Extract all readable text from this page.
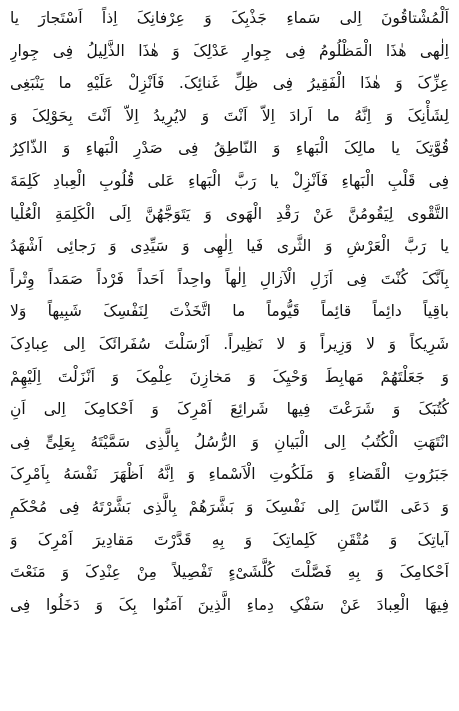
اَلْمُشْتاقُونَ اِلی سَماءِ جَذْبِکَ وَ عِرْفانِکَ اِذاً اَسْتَجارَ یا
اِلٰهی هٰذَا الْمَظْلُومُ فِی جِوارِ عَدْلِکَ وَ هٰذَا الذَّلِیلُ فِی جِوارِ
عِزِّکَ وَ هٰذَا الْفَقِیرُ فِی ظِلِّ غَنائِکَ. فَاَنْزِلْ عَلَیْهِ ما یَنْبَغِی
لِشَأْنِکَ وَ اِنَّهُ ما اَرادَ اِلاّ اَنْتَ وَ لایُرِیدُ اِلاّ اَنْتَ بِحَوْلِکَ وَ
قُوَّتِکَ یا مالِکَ الْبَهاءِ وَ النّاطِقُ فِی صَدْرِ الْبَهاءِ وَ الذّاکِرُ
فِی قَلْبِ الْبَهاءِ فَاَنْزِلْ یا رَبَّ الْبَهاءِ عَلی قُلُوبِ الْعِبادِ کَلِمَةَ
التَّقْوی لِیَقُومُنَّ عَنْ رَقْدِ الْهَوی وَ یَتَوَجَّهُنَّ اِلَی الْکَلِمَةِ الْعُلْیا
یا رَبَّ الْعَرْشِ وَ الثَّری فَیا اِلٰهِی وَ سَیِّدِی وَ رَجائِی اَشْهَدُ
بِاَنَّکَ کُنْتَ فِی اَزَلِ الْآزالِ اِلٰهاً واحِداً اَحَداً فَرْداً صَمَداً وِتْراً
باقِیاً دائِماً قائِماً قَیُّوماً ما اتَّخَذْتَ لِنَفْسِکَ شَبِیهاً وَلا
شَرِیکاً وَ لا وَزِیراً وَ لا نَظِیراً. اَرْسَلْتَ سُفَرائَکَ اِلی عِبادِکَ
وَ جَعَلْتَهُمْ مَهابِطَ وَحْیِکَ وَ مَخازِنَ عِلْمِکَ وَ اَنْزَلْتَ اِلَیْهِمْ
کُتُبَکَ وَ شَرَعْتَ فِیها شَرائِعَ اَمْرِکَ وَ اَحْکامِکَ اِلی اَنِ
انْتَهَتِ الْکُتُبُ اِلی الْبَیانِ وَ الرُّسُلُ بِالَّذِی سَمَّیْتَهُ بِعَلِیٍّ فِی
جَبَرُوتِ الْقَضاءِ وَ مَلَکُوتِ الْاَسْماءِ وَ اِنَّهُ اَظْهَرَ نَفْسَهُ بِاَمْرِکَ
وَ دَعَی النّاسَ اِلی نَفْسِکَ وَ بَشَّرَهُمْ بِالَّذِی بَشَّرْتَهُ فِی مُحْکَمِ
آیاتِکَ وَ مُتْقَنِ کَلِماتِکَ وَ بِهِ قَدَّرْتَ مَقادِیرَ اَمْرِکَ وَ
اَحْکامِکَ وَ بِهِ فَصَّلْتَ کُلَّشَیْءٍ تَفْصِیلاً مِنْ عِنْدِکَ وَ مَنَعْتَ
فِیهَا الْعِبادَ عَنْ سَفْکِ دِماءِ الَّذِینَ آمَنُوا بِکَ وَ دَخَلُوا فِی
